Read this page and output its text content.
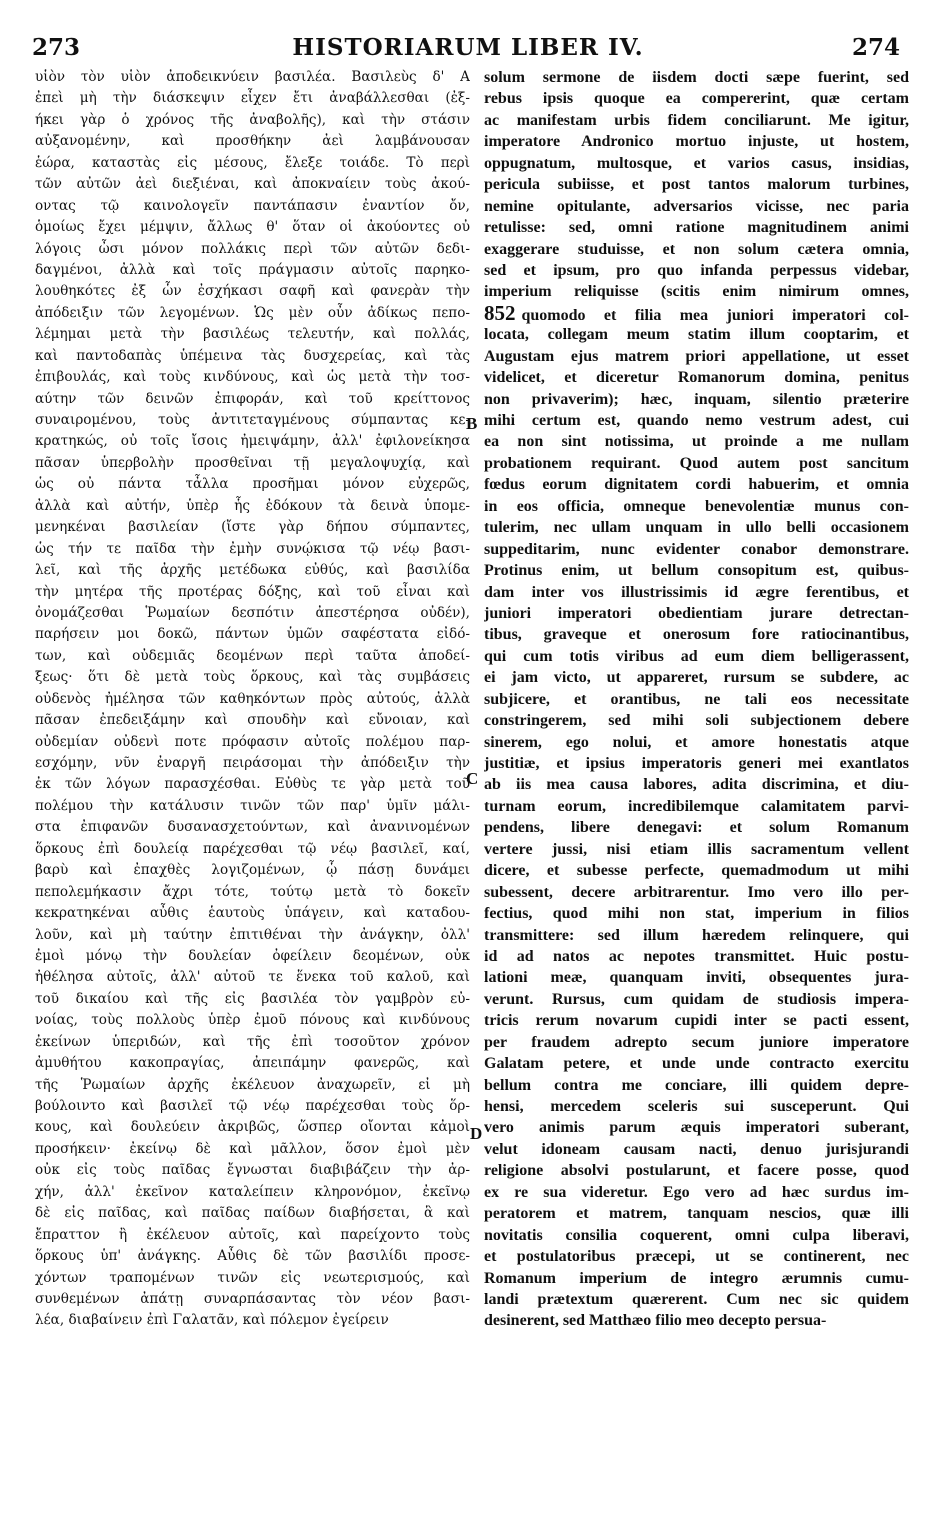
273	HISTORIARUM LIBER IV.	274
υἱὸν τὸν υἱὸν ἀποδεικνύειν βασιλέα. Βασιλεὺς δ' A
ἐπεὶ μὴ τὴν διάσκεψιν εἶχεν ἔτι ἀναβάλλεσθαι (ἐξ-
ήκει γὰρ ὁ χρόνος τῆς ἀναβολῆς), καὶ τὴν στάσιν
αὐξανομένην, καὶ προσθήκην ἀεὶ λαμβάνουσαν
ἑώρα, καταστὰς εἰς μέσους, ἔλεξε τοιάδε. Τὸ περὶ
τῶν αὐτῶν ἀεὶ διεξιέναι, καὶ ἀποκναίειν τοὺς ἀκού-
οντας τῷ καινολογεῖν παντάπασιν ἐναντίον ὄν,
ὁμοίως ἔχει μέμψιν, ἄλλως θ' ὅταν οἱ ἀκούοντες οὐ
λόγοις ὦσι μόνον πολλάκις περὶ τῶν αὐτῶν δεδι-
δαγμένοι, ἀλλὰ καὶ τοῖς πράγμασιν αὐτοῖς παρηκο-
λουθηκότες ἐξ ὧν ἐσχήκασι σαφῆ καὶ φανερὰν τὴν
ἀπόδειξιν τῶν λεγομένων. Ὡς μὲν οὖν ἀδίκως πεπο-
λέμημαι μετὰ τὴν βασιλέως τελευτήν, καὶ πολλάς,
καὶ παντοδαπὰς ὑπέμεινα τὰς δυσχερείας, καὶ τὰς
ἐπιβουλάς, καὶ τοὺς κινδύνους, καὶ ὡς μετὰ τὴν τοσ-
αύτην τῶν δεινῶν ἐπιφοράν, καὶ τοῦ κρείττονος
συναιρομένου, τοὺς ἀντιτεταγμένους σύμπαντας κε-
κρατηκώς, οὐ τοῖς ἴσοις ἠμειψάμην, ἀλλ' ἐφιλονείκησα
πᾶσαν ὑπερβολὴν προσθεῖναι τῇ μεγαλοψυχίᾳ, καὶ
ὡς οὐ πάντα τἆλλα προσῆμαι μόνον εὐχερῶς,
ἀλλὰ καὶ αὐτήν, ὑπὲρ ἧς ἐδόκουν τὰ δεινὰ ὑπομε-
μενηκέναι βασιλείαν (ἴστε γὰρ δήπου σύμπαντες,
ὡς τήν τε παῖδα τὴν ἐμὴν συνῴκισα τῷ νέῳ βασι-
λεῖ, καὶ τῆς ἀρχῆς μετέδωκα εὐθύς, καὶ βασιλίδα
τὴν μητέρα τῆς προτέρας δόξης, καὶ τοῦ εἶναι καὶ
ὀνομάζεσθαι Ῥωμαίων δεσπότιν ἀπεστέρησα οὐδέν),
παρήσειν μοι δοκῶ, πάντων ὑμῶν σαφέστατα εἰδό-
των, καὶ οὐδεμιᾶς δεομένων περὶ ταῦτα ἀποδεί-
ξεως· ὅτι δὲ μετὰ τοὺς ὅρκους, καὶ τὰς συμβάσεις
οὐδενὸς ἠμέλησα τῶν καθηκόντων πρὸς αὐτούς, ἀλλὰ
πᾶσαν ἐπεδειξάμην καὶ σπουδὴν καὶ εὔνοιαν, καὶ
οὐδεμίαν οὐδενὶ ποτε πρόφασιν αὐτοῖς πολέμου παρ-
εσχόμην, νῦν ἐναργῆ πειράσομαι τὴν ἀπόδειξιν τὴν
ἐκ τῶν λόγων παρασχέσθαι. Εὐθὺς τε γὰρ μετὰ τοῦ
πολέμου τὴν κατάλυσιν τινῶν τῶν παρ' ὑμῖν μάλι-
στα ἐπιφανῶν δυσανασχετούντων, καὶ ἀνανινομένων
ὅρκους ἐπὶ δουλείᾳ παρέχεσθαι τῷ νέῳ βασιλεῖ, καί,
βαρὺ καὶ ἐπαχθὲς λογιζομένων, ᾧ πάσῃ δυνάμει
πεπολεμήκασιν ἄχρι τότε, τούτῳ μετὰ τὸ δοκεῖν
κεκρατηκέναι αὖθις ἑαυτοὺς ὑπάγειν, καὶ καταδου-
λοῦν, καὶ μὴ ταύτην ἐπιτιθέναι τὴν ἀνάγκην, ὀλλ'
ἐμοὶ μόνῳ τὴν δουλείαν ὀφείλειν δεομένων, οὐκ
ἠθέλησα αὐτοῖς, ἀλλ' αὐτοῦ τε ἕνεκα τοῦ καλοῦ, καὶ
τοῦ δικαίου καὶ τῆς εἰς βασιλέα τὸν γαμβρὸν εὐ-
νοίας, τοὺς πολλοὺς ὑπὲρ ἐμοῦ πόνους καὶ κινδύνους
ἐκείνων ὑπεριδών, καὶ τῆς ἐπὶ τοσοῦτον χρόνον
ἀμυθήτου κακοπραγίας, ἀπειπάμην φανερῶς, καὶ
τῆς Ῥωμαίων ἀρχῆς ἐκέλευον ἀναχωρεῖν, εἰ μὴ
βούλοιντο καὶ βασιλεῖ τῷ νέῳ παρέχεσθαι τοὺς ὅρ-
κους, καὶ δουλεύειν ἀκριβῶς, ὥσπερ οἴονται κἀμοὶ
προσήκειν· ἐκείνῳ δὲ καὶ μᾶλλον, ὅσον ἐμοὶ μὲν
οὐκ εἰς τοὺς παῖδας ἔγνωσται διαβιβάζειν τὴν ἀρ-
χήν, ἀλλ' ἐκεῖνον καταλείπειν κληρονόμον, ἐκεῖνῳ
δὲ εἰς παῖδας, καὶ παῖδας παίδων διαβήσεται, ἃ καὶ
ἔπραττον ἢ ἐκέλευον αὐτοῖς, καὶ παρείχοντο τοὺς
ὅρκους ὑπ' ἀνάγκης. Αὖθις δὲ τῶν βασιλίδι προσε-
χόντων τραπομένων τινῶν εἰς νεωτερισμούς, καὶ
συνθεμένων ἀπάτῃ συναρπάσαντας τὸν νέον βασι-
λέα, διαβαίνειν ἐπὶ Γαλατᾶν, καὶ πόλεμον ἐγείρειν
B
C
D
solum sermone de iisdem docti sæpe fuerint, sed
rebus ipsis quoque ea compererint, quæ certam
ac manifestam urbis fidem conciliarunt. Me igitur,
imperatore Andronico mortuo injuste, ut hostem,
oppugnatum, multosque, et varios casus, insidias,
pericula subiisse, et post tantos malorum turbines,
nemine opitulante, adversarios vicisse, nec paria
retulisse: sed, omni ratione magnitudinem animi
exaggerare studuisse, et non solum cætera omnia,
sed et ipsum, pro quo infanda perpessus videbar,
imperium reliquisse (scitis enim nimirum omnes,
852 quomodo et filia mea juniori imperatori col-
locata, collegam meum statim illum cooptarim, et
Augustam ejus matrem priori appellatione, ut esset
videlicet, et diceretur Romanorum domina, penitus
non privaverim); hæc, inquam, silentio præterire
mihi certum est, quando nemo vestrum adest, cui
ea non sint notissima, ut proinde a me nullam
probationem requirant. Quod autem post sancitum
fœdus eorum dignitatem cordi habuerim, et omnia
in eos officia, omneque benevolentiæ munus con-
tulerim, nec ullam unquam in ullo belli occasionem
suppeditarim, nunc evidenter conabor demonstrare.
Protinus enim, ut bellum consopitum est, quibus-
dam inter vos illustrissimis id ægre ferentibus, et
juniori imperatori obedientiam jurare detrectan-
tibus, graveque et onerosum fore ratiocinantibus,
qui cum totis viribus ad eum diem belligerassent,
ei jam victo, ut appareret, rursum se subdere, ac
subjicere, et orantibus, ne tali eos necessitate
constringerem, sed mihi soli subjectionem debere
sinerem, ego nolui, et amore honestatis atque
justitiæ, et ipsius imperatoris generi mei exantlatos
ab iis mea causa labores, adita discrimina, et diu-
turnam eorum, incredibilemque calamitatem parvi-
pendens, libere denegavi: et solum Romanum
vertere jussi, nisi etiam illis sacramentum vellent
dicere, et subesse perfecte, quemadmodum ut mihi
subessent, decere arbitrarentur. Imo vero illo per-
fectius, quod mihi non stat, imperium in filios
transmittere: sed illum hæredem relinquere, qui
id ad natos ac nepotes transmittet. Huic postu-
lationi meæ, quanquam inviti, obsequentes jura-
verunt. Rursus, cum quidam de studiosis impera-
tricis rerum novarum cupidi inter se pacti essent,
per fraudem adrepto secum juniore imperatore
Galatam petere, et unde unde contracto exercitu
bellum contra me conciare, illi quidem depre-
hensi, mercedem sceleris sui susceperunt. Qui
vero animis parum æquis imperatori suberant,
velut idoneam causam nacti, denuo jurisjurandi
religione absolvi postularunt, et facere posse, quod
ex re sua videretur. Ego vero ad hæc surdus im-
peratorem et matrem, tanquam nescios, quæ illi
novitatis consilia coquerent, omni culpa liberavi,
et postulatoribus præcepi, ut se continerent, nec
Romanum imperium de integro ærumnis cumu-
landi prætextum quærerent. Cum nec sic quidem
desinerent, sed Matthæo filio meo decepto persua-
